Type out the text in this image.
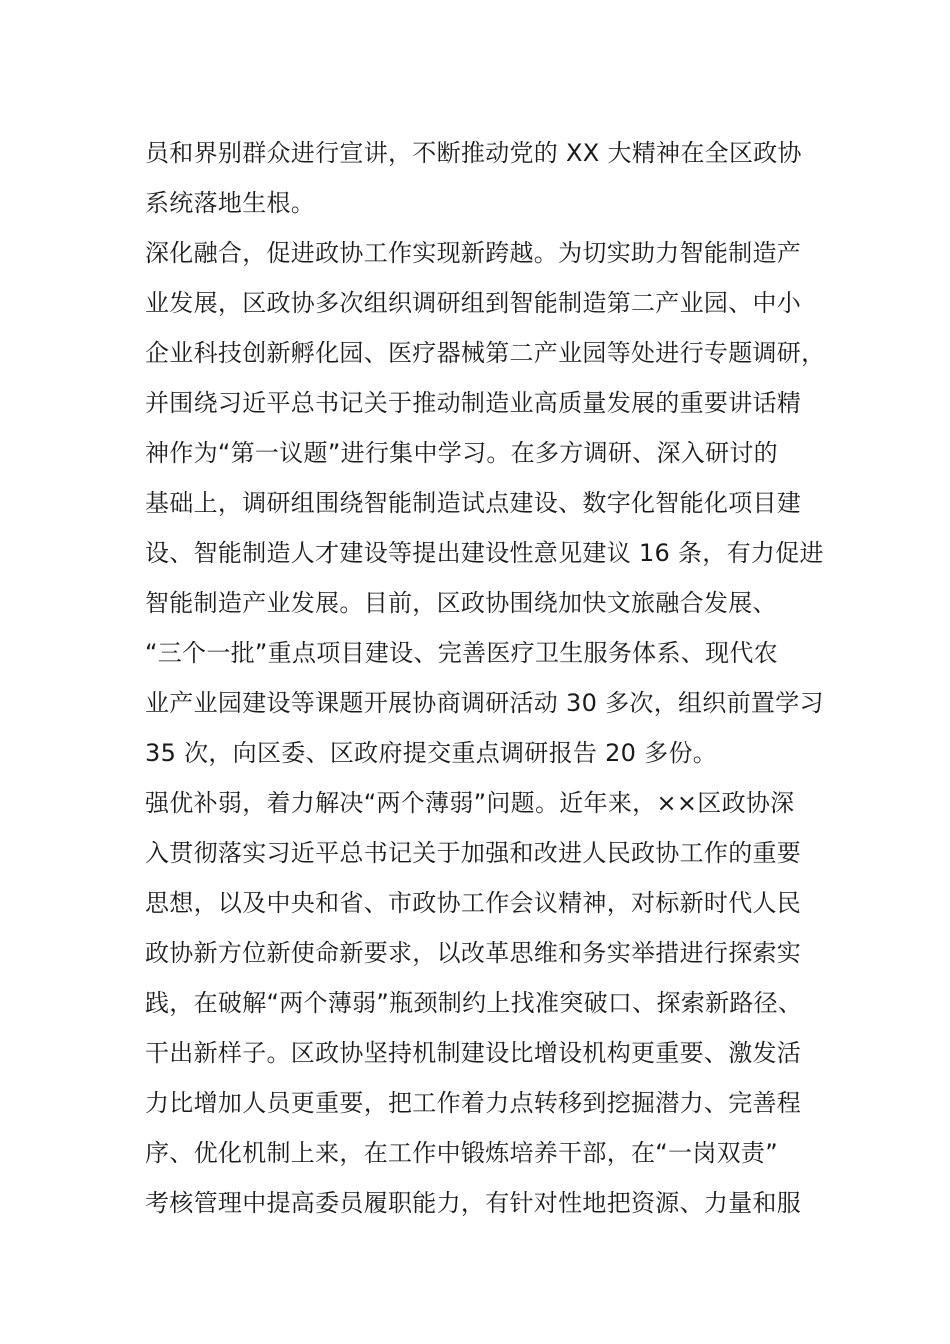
员和界别群众进行宣讲，不断推动党的 XX 大精神在全区政协
系统落地生根。
深化融合，促进政协工作实现新跨越。为切实助力智能制造产
业发展，区政协多次组织调研组到智能制造第二产业园、中小
企业科技创新孵化园、医疗器械第二产业园等处进行专题调研，
并围绕习近平总书记关于推动制造业高质量发展的重要讲话精
神作为“第一议题”进行集中学习。在多方调研、深入研讨的
基础上，调研组围绕智能制造试点建设、数字化智能化项目建
设、智能制造人才建设等提出建设性意见建议 16 条，有力促进
智能制造产业发展。目前，区政协围绕加快文旅融合发展、
“三个一批”重点项目建设、完善医疗卫生服务体系、现代农
业产业园建设等课题开展协商调研活动 30 多次，组织前置学习
35 次，向区委、区政府提交重点调研报告 20 多份。
强优补弱，着力解决“两个薄弱”问题。近年来，××区政协深
入贯彻落实习近平总书记关于加强和改进人民政协工作的重要
思想，以及中央和省、市政协工作会议精神，对标新时代人民
政协新方位新使命新要求，以改革思维和务实举措进行探索实
践，在破解“两个薄弱”瓶颈制约上找准突破口、探索新路径、
干出新样子。区政协坚持机制建设比增设机构更重要、激发活
力比增加人员更重要，把工作着力点转移到挖掘潜力、完善程
序、优化机制上来，在工作中锻炼培养干部，在“一岗双责”
考核管理中提高委员履职能力，有针对性地把资源、力量和服
